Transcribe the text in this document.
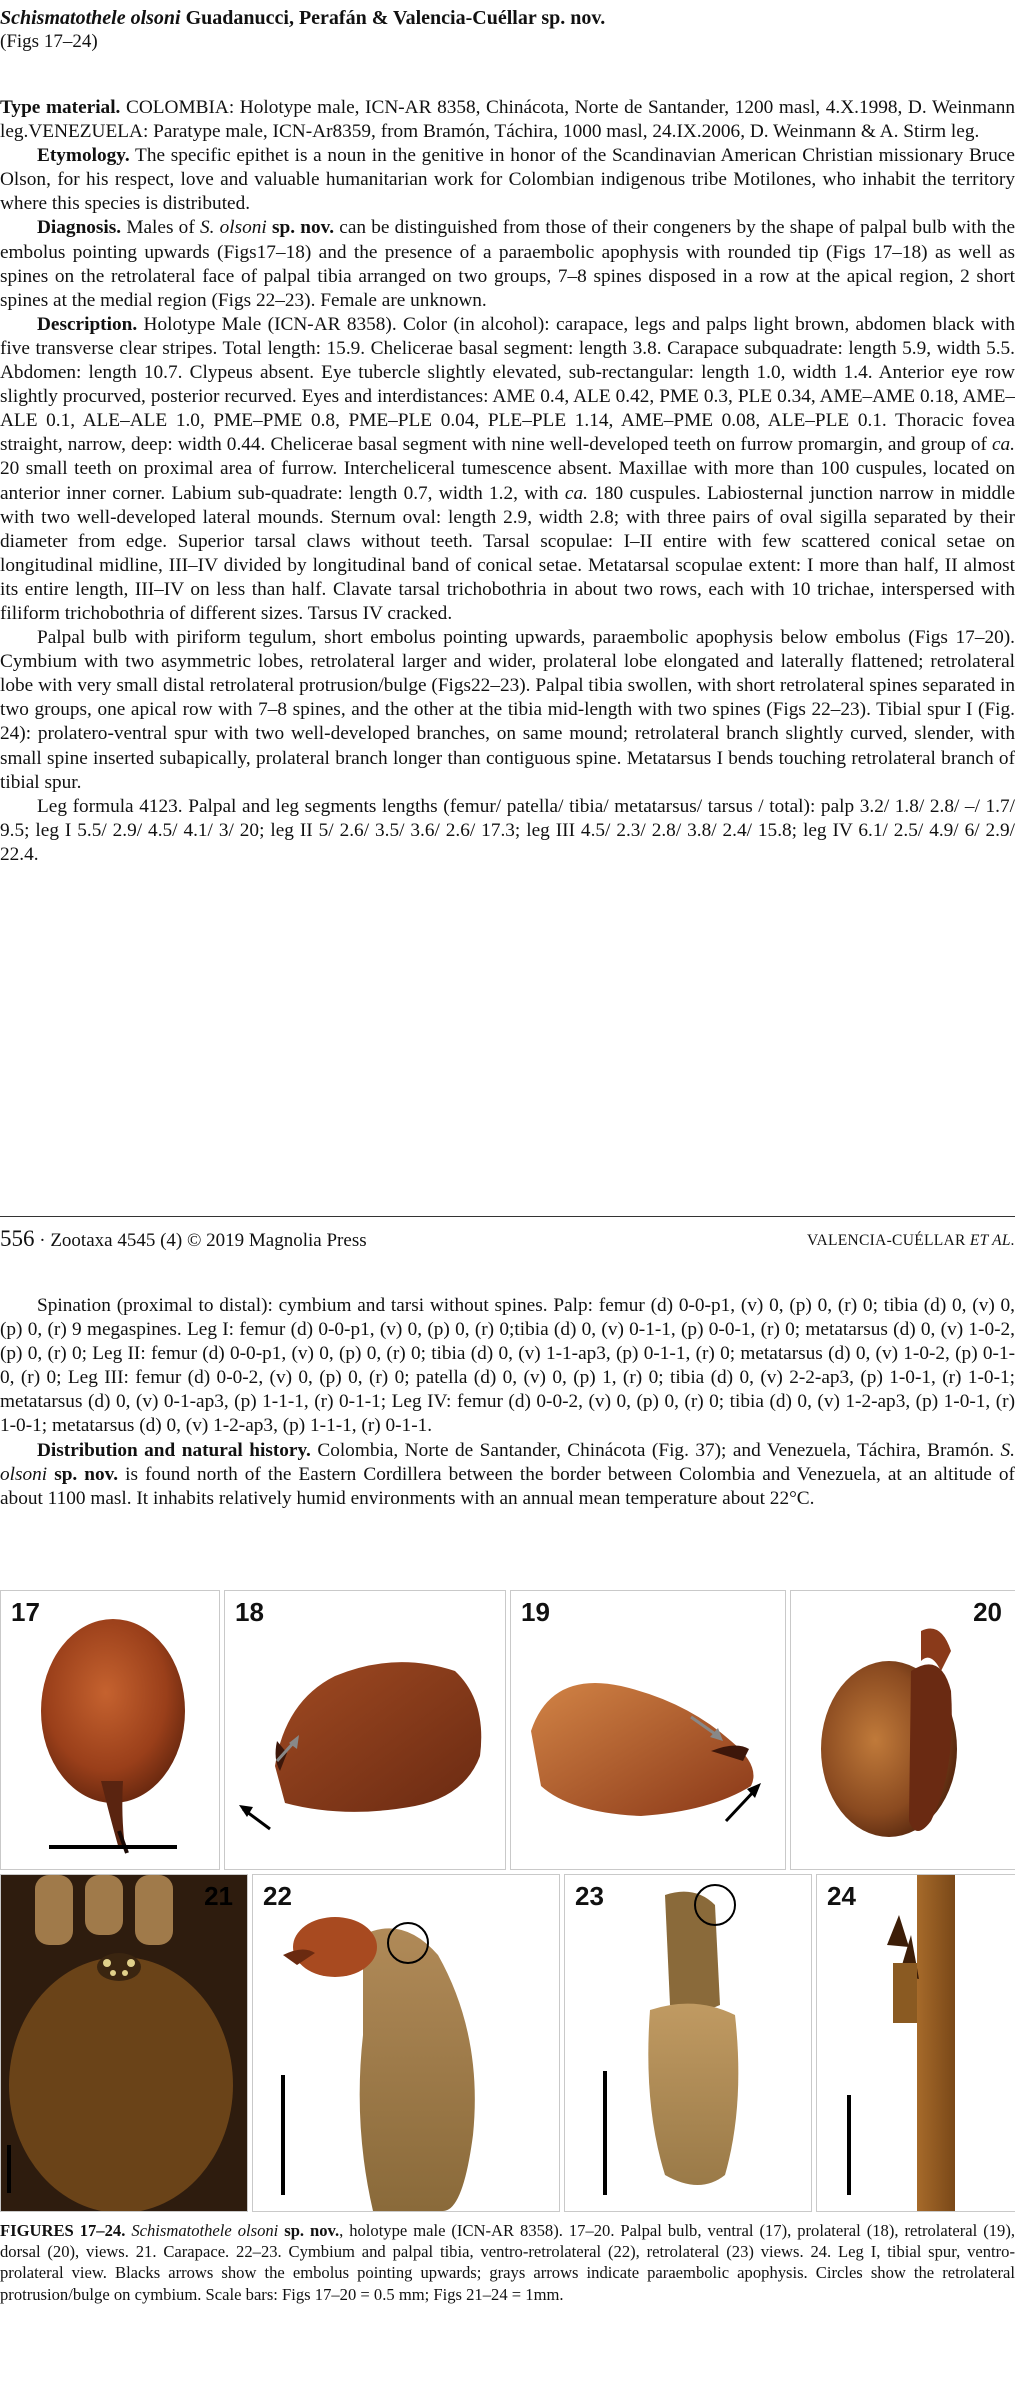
Schismatothele olsoni Guadanucci, Perafán & Valencia-Cuéllar sp. nov.
(Figs 17–24)

Type material. COLOMBIA: Holotype male, ICN-AR 8358, Chinácota, Norte de Santander, 1200 masl, 4.X.1998, D. Weinmann leg.VENEZUELA: Paratype male, ICN-Ar8359, from Bramón, Táchira, 1000 masl, 24.IX.2006, D. Weinmann & A. Stirm leg.

Etymology. The specific epithet is a noun in the genitive in honor of the Scandinavian American Christian missionary Bruce Olson, for his respect, love and valuable humanitarian work for Colombian indigenous tribe Motilones, who inhabit the territory where this species is distributed.

Diagnosis. Males of S. olsoni sp. nov. can be distinguished from those of their congeners by the shape of palpal bulb with the embolus pointing upwards (Figs17–18) and the presence of a paraembolic apophysis with rounded tip (Figs 17–18) as well as spines on the retrolateral face of palpal tibia arranged on two groups, 7–8 spines disposed in a row at the apical region, 2 short spines at the medial region (Figs 22–23). Female are unknown.

Description. Holotype Male (ICN-AR 8358). Color (in alcohol): carapace, legs and palps light brown, abdomen black with five transverse clear stripes. Total length: 15.9. Chelicerae basal segment: length 3.8. Carapace subquadrate: length 5.9, width 5.5. Abdomen: length 10.7. Clypeus absent. Eye tubercle slightly elevated, sub-rectangular: length 1.0, width 1.4. Anterior eye row slightly procurved, posterior recurved. Eyes and interdistances: AME 0.4, ALE 0.42, PME 0.3, PLE 0.34, AME–AME 0.18, AME–ALE 0.1, ALE–ALE 1.0, PME–PME 0.8, PME–PLE 0.04, PLE–PLE 1.14, AME–PME 0.08, ALE–PLE 0.1. Thoracic fovea straight, narrow, deep: width 0.44. Chelicerae basal segment with nine well-developed teeth on furrow promargin, and group of ca. 20 small teeth on proximal area of furrow. Intercheliceral tumescence absent. Maxillae with more than 100 cuspules, located on anterior inner corner. Labium sub-quadrate: length 0.7, width 1.2, with ca. 180 cuspules. Labiosternal junction narrow in middle with two well-developed lateral mounds. Sternum oval: length 2.9, width 2.8; with three pairs of oval sigilla separated by their diameter from edge. Superior tarsal claws without teeth. Tarsal scopulae: I–II entire with few scattered conical setae on longitudinal midline, III–IV divided by longitudinal band of conical setae. Metatarsal scopulae extent: I more than half, II almost its entire length, III–IV on less than half. Clavate tarsal trichobothria in about two rows, each with 10 trichae, interspersed with filiform trichobothria of different sizes. Tarsus IV cracked.

Palpal bulb with piriform tegulum, short embolus pointing upwards, paraembolic apophysis below embolus (Figs 17–20). Cymbium with two asymmetric lobes, retrolateral larger and wider, prolateral lobe elongated and laterally flattened; retrolateral lobe with very small distal retrolateral protrusion/bulge (Figs22–23). Palpal tibia swollen, with short retrolateral spines separated in two groups, one apical row with 7–8 spines, and the other at the tibia mid-length with two spines (Figs 22–23). Tibial spur I (Fig. 24): prolatero-ventral spur with two well-developed branches, on same mound; retrolateral branch slightly curved, slender, with small spine inserted subapically, prolateral branch longer than contiguous spine. Metatarsus I bends touching retrolateral branch of tibial spur.

Leg formula 4123. Palpal and leg segments lengths (femur/ patella/ tibia/ metatarsus/ tarsus / total): palp 3.2/ 1.8/ 2.8/ –/ 1.7/ 9.5; leg I 5.5/ 2.9/ 4.5/ 4.1/ 3/ 20; leg II 5/ 2.6/ 3.5/ 3.6/ 2.6/ 17.3; leg III 4.5/ 2.3/ 2.8/ 3.8/ 2.4/ 15.8; leg IV 6.1/ 2.5/ 4.9/ 6/ 2.9/ 22.4.

556 · Zootaxa 4545 (4) © 2019 Magnolia Press	VALENCIA-CUÉLLAR ET AL.

Spination (proximal to distal): cymbium and tarsi without spines. Palp: femur (d) 0-0-p1, (v) 0, (p) 0, (r) 0; tibia (d) 0, (v) 0, (p) 0, (r) 9 megaspines. Leg I: femur (d) 0-0-p1, (v) 0, (p) 0, (r) 0;tibia (d) 0, (v) 0-1-1, (p) 0-0-1, (r) 0; metatarsus (d) 0, (v) 1-0-2, (p) 0, (r) 0; Leg II: femur (d) 0-0-p1, (v) 0, (p) 0, (r) 0; tibia (d) 0, (v) 1-1-ap3, (p) 0-1-1, (r) 0; metatarsus (d) 0, (v) 1-0-2, (p) 0-1-0, (r) 0; Leg III: femur (d) 0-0-2, (v) 0, (p) 0, (r) 0; patella (d) 0, (v) 0, (p) 1, (r) 0; tibia (d) 0, (v) 2-2-ap3, (p) 1-0-1, (r) 1-0-1; metatarsus (d) 0, (v) 0-1-ap3, (p) 1-1-1, (r) 0-1-1; Leg IV: femur (d) 0-0-2, (v) 0, (p) 0, (r) 0; tibia (d) 0, (v) 1-2-ap3, (p) 1-0-1, (r) 1-0-1; metatarsus (d) 0, (v) 1-2-ap3, (p) 1-1-1, (r) 0-1-1.

Distribution and natural history. Colombia, Norte de Santander, Chinácota (Fig. 37); and Venezuela, Táchira, Bramón. S. olsoni sp. nov. is found north of the Eastern Cordillera between the border between Colombia and Venezuela, at an altitude of about 1100 masl. It inhabits relatively humid environments with an annual mean temperature about 22°C.

17	18	19	20
21 22	23	24

FIGURES 17–24. Schismatothele olsoni sp. nov., holotype male (ICN-AR 8358). 17–20. Palpal bulb, ventral (17), prolateral (18), retrolateral (19), dorsal (20), views. 21. Carapace. 22–23. Cymbium and palpal tibia, ventro-retrolateral (22), retrolateral (23) views. 24. Leg I, tibial spur, ventro-prolateral view. Blacks arrows show the embolus pointing upwards; grays arrows indicate paraembolic apophysis. Circles show the retrolateral protrusion/bulge on cymbium. Scale bars: Figs 17–20 = 0.5 mm; Figs 21–24 = 1mm.
